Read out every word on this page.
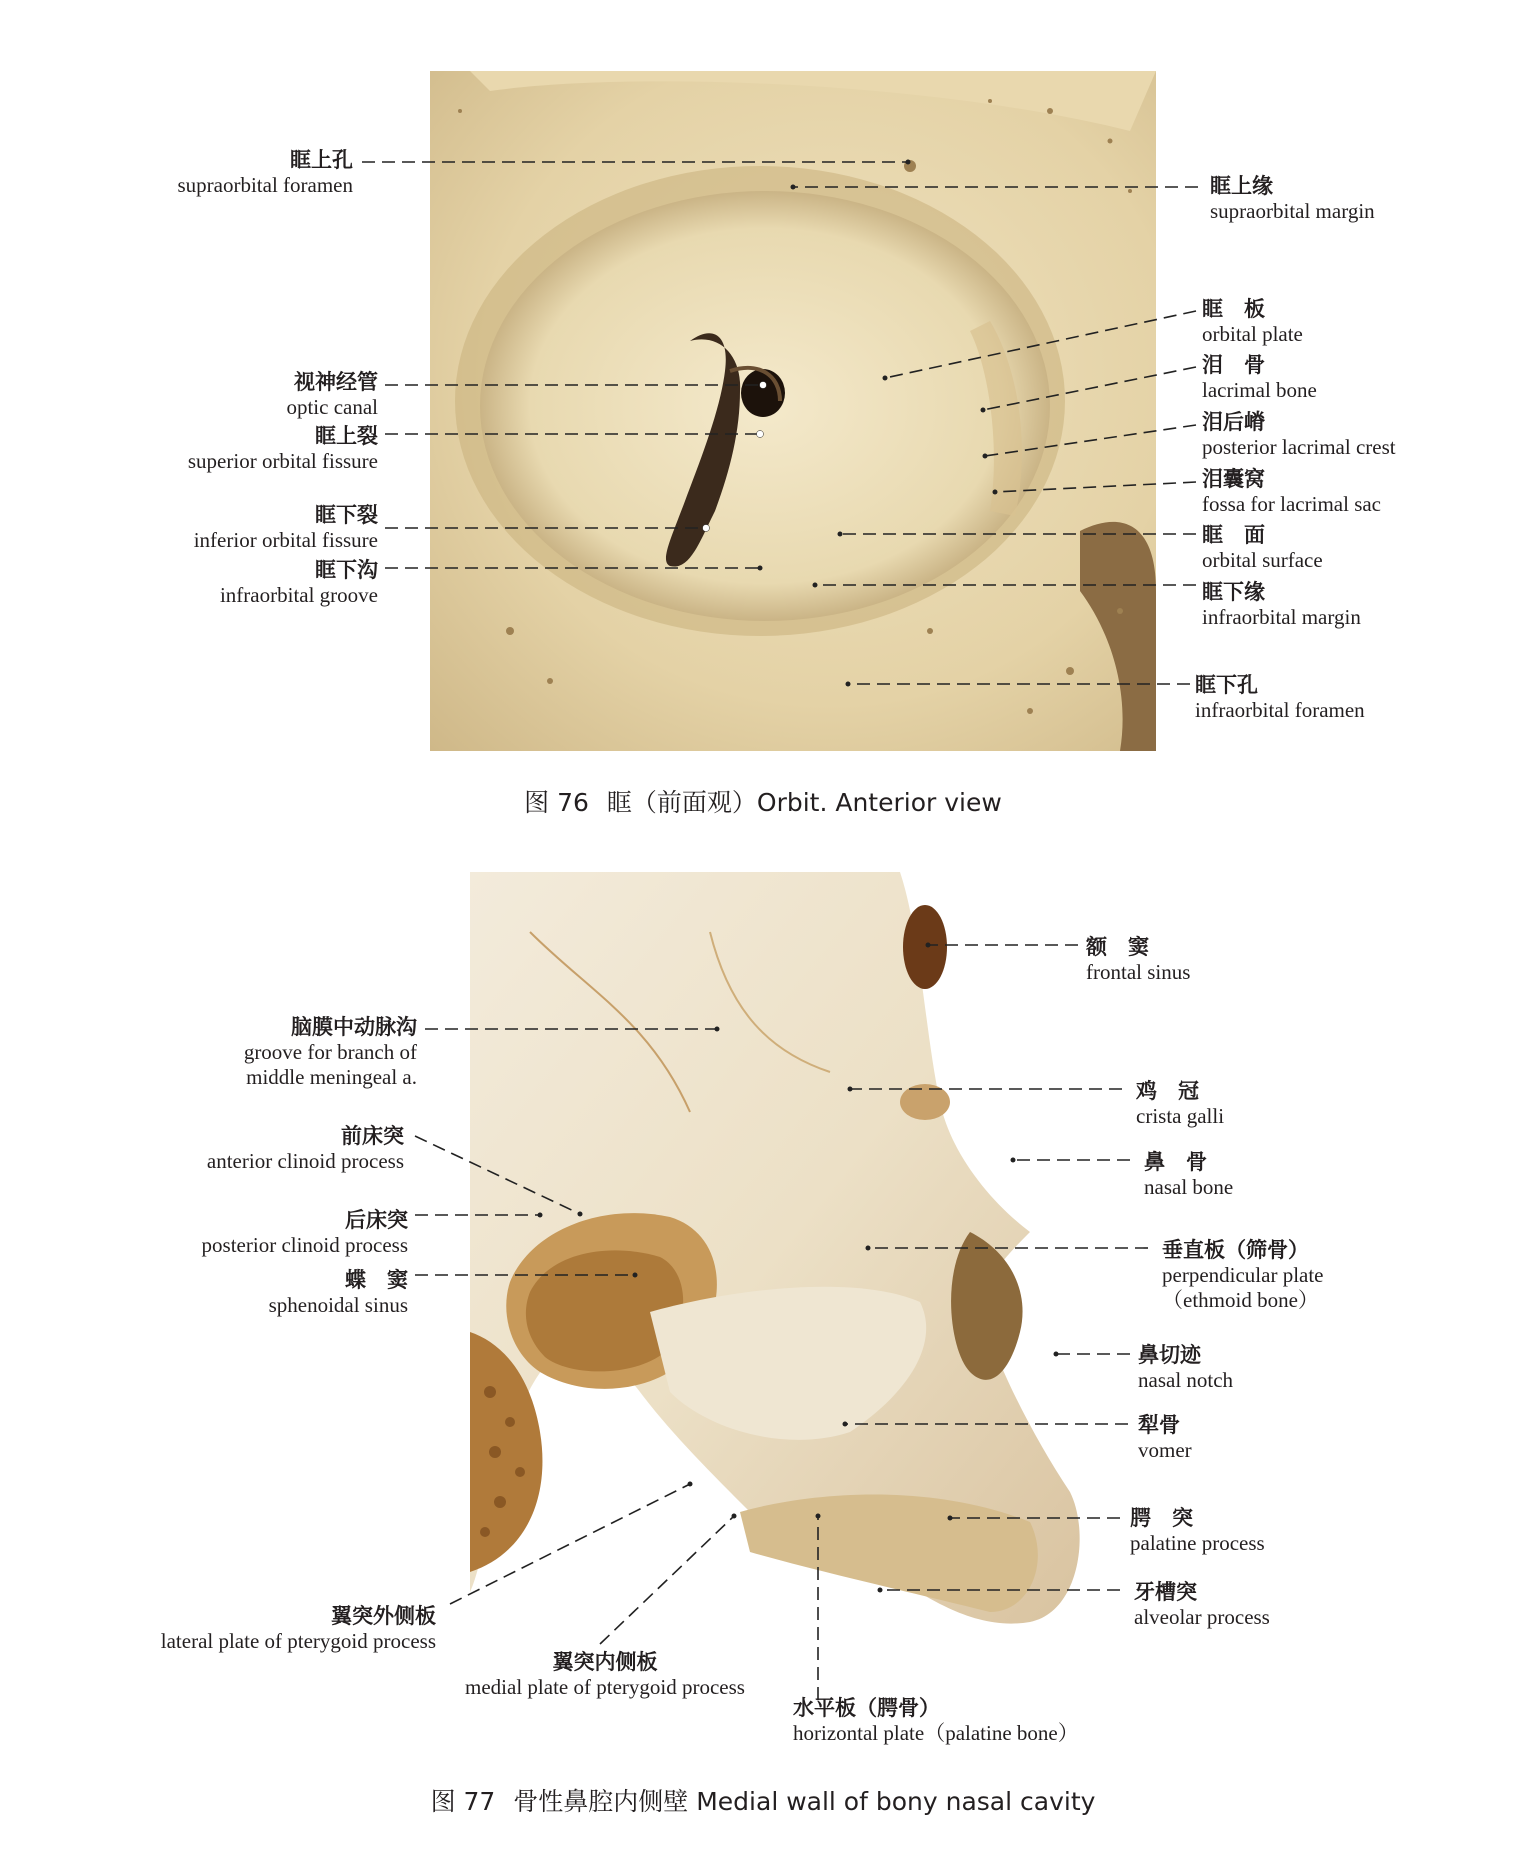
眶上孔
supraorbital foramen
视神经管
optic canal
眶上裂
superior orbital fissure
眶下裂
inferior orbital fissure
眶下沟
infraorbital groove
眶上缘
supraorbital margin
眶　板
orbital plate
泪　骨
lacrimal bone
泪后嵴
posterior lacrimal crest
泪囊窝
fossa for lacrimal sac
眶　面
orbital surface
眶下缘
infraorbital margin
眶下孔
infraorbital foramen
图 76 眶（前面观）Orbit. Anterior view
脑膜中动脉沟
groove for branch of
middle meningeal a.
前床突
anterior clinoid process
后床突
posterior clinoid process
蝶　窦
sphenoidal sinus
翼突外侧板
lateral plate of pterygoid process
翼突内侧板
medial plate of pterygoid process
水平板（腭骨）
horizontal plate（palatine bone）
额　窦
frontal sinus
鸡　冠
crista galli
鼻　骨
nasal bone
垂直板（筛骨）
perpendicular plate
（ethmoid bone）
鼻切迹
nasal notch
犁骨
vomer
腭　突
palatine process
牙槽突
alveolar process
图 77 骨性鼻腔内侧壁 Medial wall of bony nasal cavity
